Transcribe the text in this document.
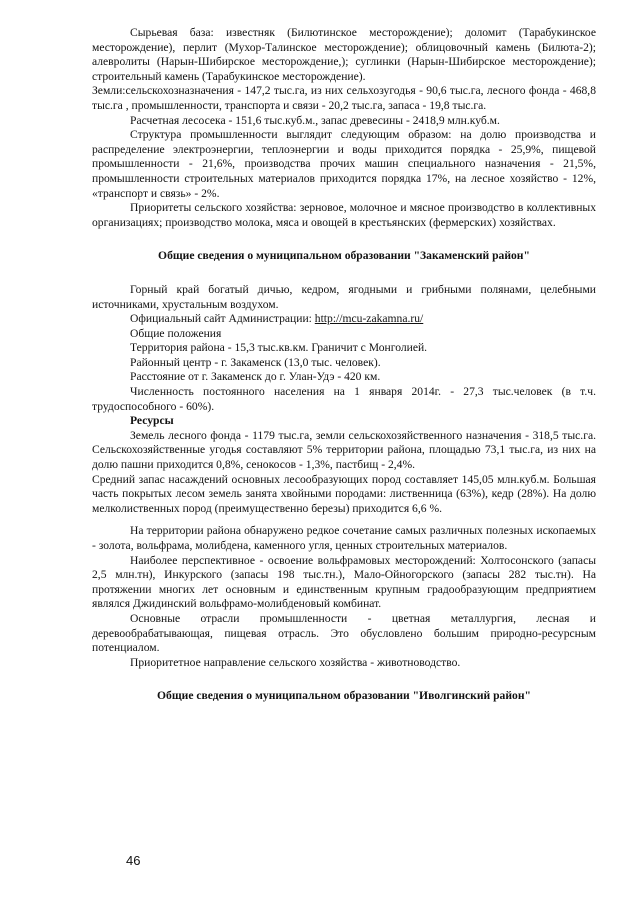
Сырьевая база: известняк (Билютинское месторождение); доломит (Тарабукинское месторождение), перлит (Мухор-Талинское месторождение); облицовочный камень (Билюта-2); алевролиты (Нарын-Шибирское месторождение,); суглинки (Нарын-Шибирское месторождение); строительный камень (Тарабукинское месторождение).

Земли:сельскохозназначения - 147,2 тыс.га, из них сельхозугодья - 90,6 тыс.га, лесного фонда - 468,8 тыс.га , промышленности, транспорта и связи - 20,2 тыс.га, запаса - 19,8 тыс.га.

Расчетная лесосека - 151,6 тыс.куб.м., запас древесины - 2418,9 млн.куб.м.

Структура промышленности выглядит следующим образом: на долю производства и распределение электроэнергии, теплоэнергии и воды приходится порядка - 25,9%, пищевой промышленности - 21,6%, производства прочих машин специального назначения - 21,5%, промышленности строительных материалов приходится порядка 17%, на лесное хозяйство - 12%, «транспорт и связь» - 2%.

Приоритеты сельского хозяйства: зерновое, молочное и мясное производство в коллективных организациях; производство молока, мяса и овощей в крестьянских (фермерских) хозяйствах.

Общие сведения о муниципальном образовании "Закаменский район"

Горный край богатый дичью, кедром, ягодными и грибными полянами, целебными источниками, хрустальным воздухом.

Официальный сайт Администрации: http://mcu-zakamna.ru/

Общие положения

Территория района - 15,3 тыс.кв.км. Граничит с Монголией.

Районный центр - г. Закаменск (13,0 тыс. человек).

Расстояние от г. Закаменск до г. Улан-Удэ - 420 км.

Численность постоянного населения на 1 января 2014г. - 27,3 тыс.человек (в т.ч. трудоспособного - 60%).

Ресурсы

Земель лесного фонда - 1179 тыс.га, земли сельскохозяйственного назначения - 318,5 тыс.га. Сельскохозяйственные угодья составляют 5% территории района, площадью 73,1 тыс.га, из них на долю пашни приходится 0,8%, сенокосов - 1,3%, пастбищ - 2,4%.

Средний запас насаждений основных лесообразующих пород составляет 145,05 млн.куб.м. Большая часть покрытых лесом земель занята хвойными породами: лиственница (63%), кедр (28%). На долю мелколиственных пород (преимущественно березы) приходится 6,6 %.

На территории района обнаружено редкое сочетание самых различных полезных ископаемых - золота, вольфрама, молибдена, каменного угля, ценных строительных материалов.

Наиболее перспективное - освоение вольфрамовых месторождений: Холтосонского (запасы 2,5 млн.тн), Инкурского (запасы 198 тыс.тн.), Мало-Ойногорского (запасы 282 тыс.тн). На протяжении многих лет основным и единственным крупным градообразующим предприятием являлся Джидинский вольфрамо-молибденовый комбинат.

Основные отрасли промышленности - цветная металлургия, лесная и деревообрабатывающая, пищевая отрасль. Это обусловлено большим природно-ресурсным потенциалом.

Приоритетное направление сельского хозяйства - животноводство.

Общие сведения о муниципальном образовании "Иволгинский район"

46
